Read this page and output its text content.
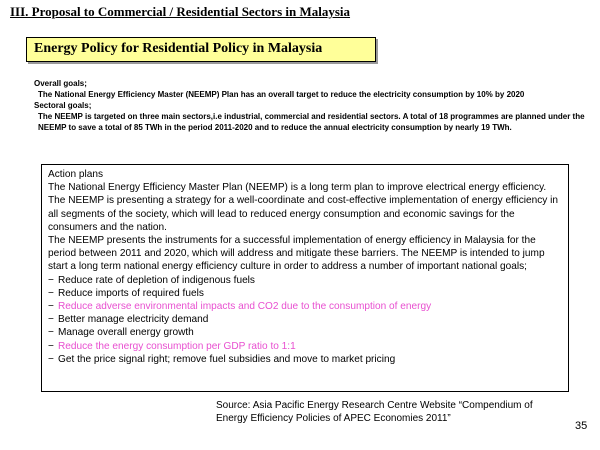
III. Proposal to Commercial / Residential Sectors in Malaysia
Energy Policy for Residential Policy in Malaysia
Overall goals;
The National Energy Efficiency Master (NEEMP) Plan has an overall target to reduce the electricity consumption by 10% by 2020
Sectoral goals;
The NEEMP is targeted on three main sectors,i.e industrial, commercial and residential sectors. A total of 18 programmes are planned under the NEEMP to save a total of 85 TWh in the period 2011-2020 and to reduce the annual electricity consumption by nearly 19 TWh.

Action plans

The National Energy Efficiency Master Plan (NEEMP) is a long term plan to improve electrical energy efficiency. The NEEMP is presenting a strategy for a well-coordinate and cost-effective implementation of energy efficiency in all segments of the society, which will lead to reduced energy consumption and economic savings for the consumers and the nation.

The NEEMP presents the instruments for a successful implementation of energy efficiency in Malaysia for the period between 2011 and 2020, which will address and mitigate these barriers. The NEEMP is intended to jump start a long term national energy efficiency culture in order to address a number of important national goals;

− Reduce rate of depletion of indigenous fuels
− Reduce imports of required fuels
− Reduce adverse environmental impacts and CO2 due to the consumption of energy
− Better manage electricity demand
− Manage overall energy growth
− Reduce the energy consumption per GDP ratio to 1:1
− Get the price signal right; remove fuel subsidies and move to market pricing
Source: Asia Pacific Energy Research Centre Website “Compendium of
Energy Efficiency Policies of APEC Economies 2011”
35
